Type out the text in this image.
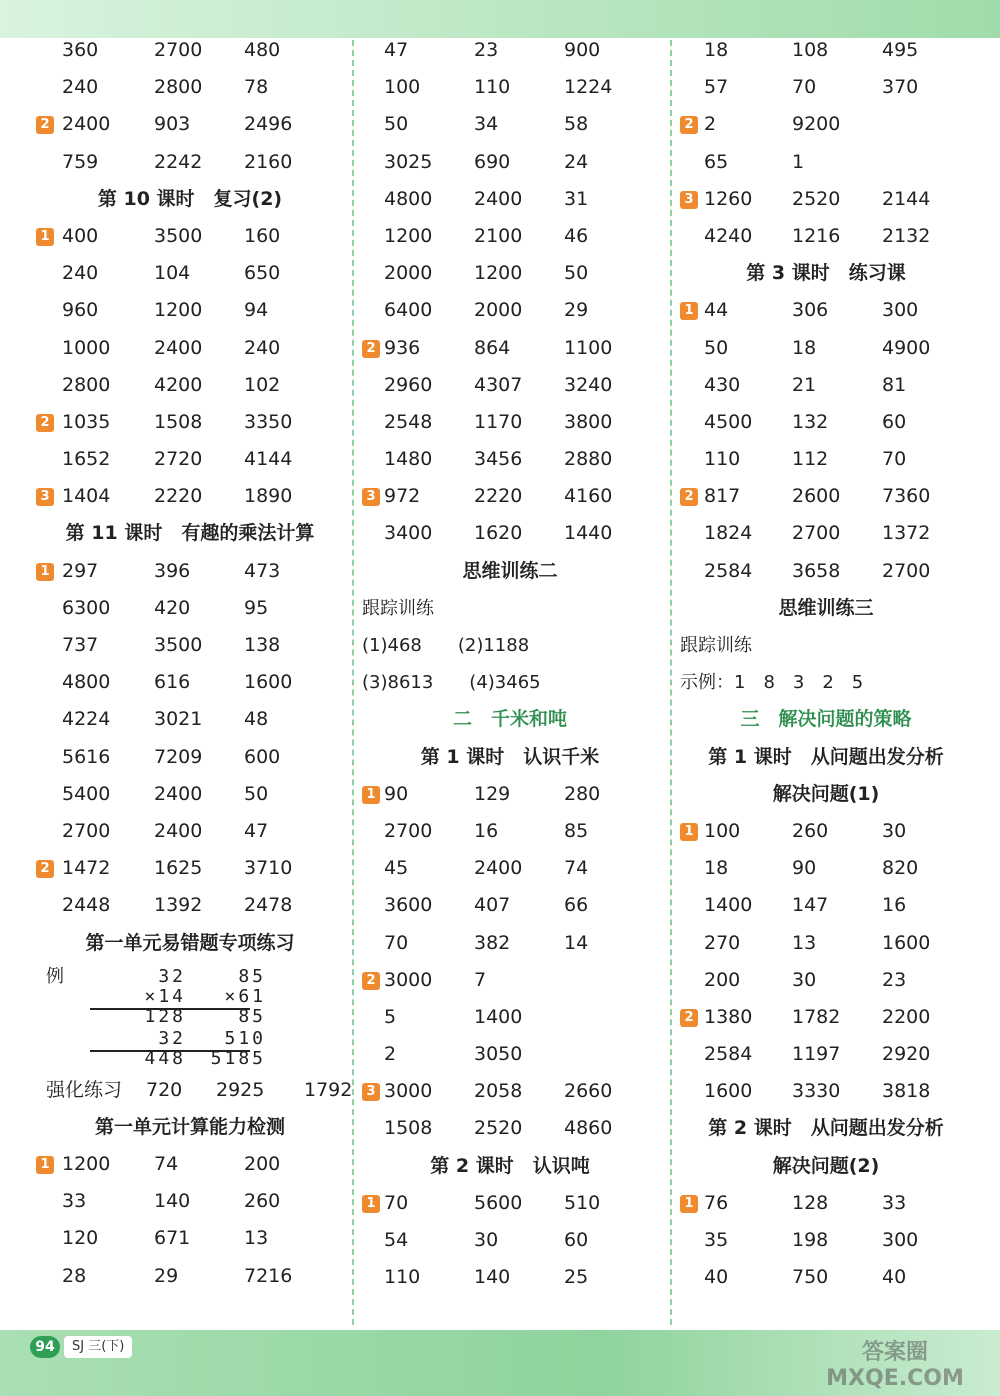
360	2700 480
240	2800 78
2 2400 903	2496
759	2242 2160
第 10 课时　复习(2)
1 400	3500 160
240	104	650
960	1200 94
1000 2400 240
2800 4200 102
2 1035 1508 3350
1652 2720 4144
3 1404 2220 1890
第 11 课时　有趣的乘法计算
1 297	396	473
6300 420	95
737	3500 138
4800 616	1600
4224 3021 48
5616 7209 600
5400 2400 50
2700 2400 47
2 1472 1625 3710
2448 1392 2478
第一单元易错题专项练习
例	32
×14
128
32
448
85
×61
85
510
5185
强化练习 720 2925 1792
第一单元计算能力检测
1 1200 74	200
33	140	260
120	671	13
28	29	7216
47	23	900
100	110	1224
50	34	58
3025 690	24
4800 2400 31
1200 2100 46
2000 1200 50
6400 2000 29
2 936	864	1100
2960 4307 3240
2548 1170 3800
1480 3456 2880
3 972	2220 4160
3400 1620 1440
思维训练二
跟踪训练
(1)468　　(2)1188
(3)8613　　(4)3465
二　千米和吨
第 1 课时　认识千米
1 90	129	280
2700 16	85
45	2400 74
3600 407	66
70	382	14
2 3000 7
5	1400
2	3050
3 3000 2058 2660
1508 2520 4860
第 2 课时　认识吨
1 70	5600 510
54	30	60
110	140	25
18	108	495
57	70	370
2 2	9200
65	1
3 1260 2520 2144
4240 1216 2132
第 3 课时　练习课
1 44	306	300
50	18	4900
430	21	81
4500 132	60
110	112	70
2 817	2600 7360
1824 2700 1372
2584 3658 2700
思维训练三
跟踪训练
示例：1　8　3　2　5
三　解决问题的策略
第 1 课时　从问题出发分析
解决问题(1)
1 100	260	30
18	90	820
1400 147	16
270	13	1600
200	30	23
2 1380 1782 2200
2584 1197 2920
1600 3330 3818
第 2 课时　从问题出发分析
解决问题(2)
1 76	128	33
35	198	300
40	750	40
94	SJ 三(下)	答案圈
MXQE.COM
